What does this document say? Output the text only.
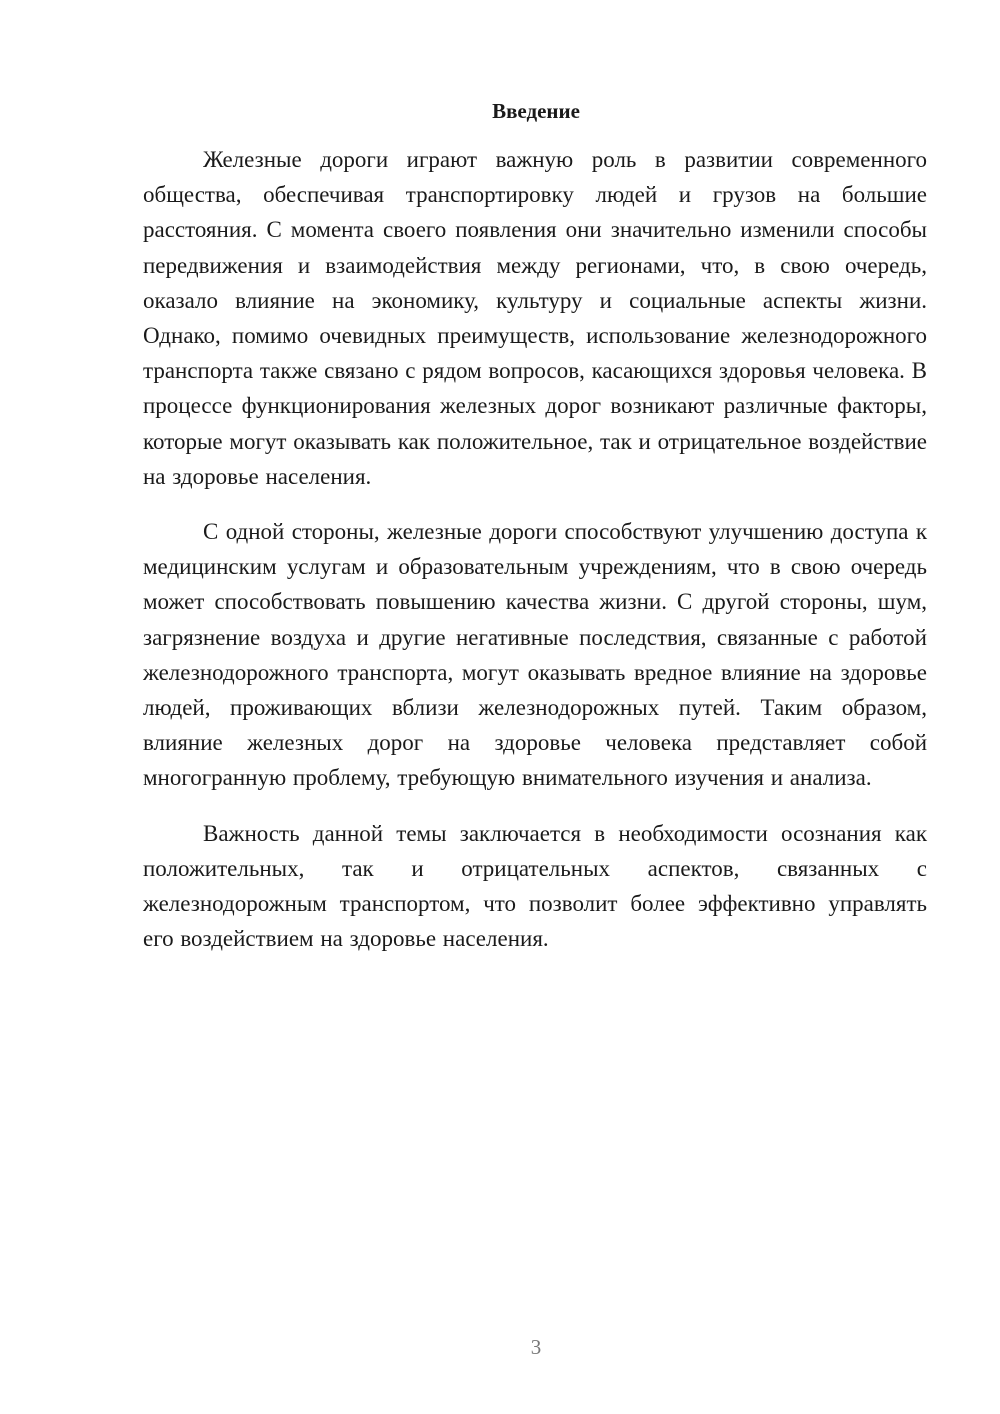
Введение

Железные дороги играют важную роль в развитии современного общества, обеспечивая транспортировку людей и грузов на большие расстояния. С момента своего появления они значительно изменили способы передвижения и взаимодействия между регионами, что, в свою очередь, оказало влияние на экономику, культуру и социальные аспекты жизни. Однако, помимо очевидных преимуществ, использование железнодорожного транспорта также связано с рядом вопросов, касающихся здоровья человека. В процессе функционирования железных дорог возникают различные факторы, которые могут оказывать как положительное, так и отрицательное воздействие на здоровье населения.

С одной стороны, железные дороги способствуют улучшению доступа к медицинским услугам и образовательным учреждениям, что в свою очередь может способствовать повышению качества жизни. С другой стороны, шум, загрязнение воздуха и другие негативные последствия, связанные с работой железнодорожного транспорта, могут оказывать вредное влияние на здоровье людей, проживающих вблизи железнодорожных путей. Таким образом, влияние железных дорог на здоровье человека представляет собой многогранную проблему, требующую внимательного изучения и анализа.

Важность данной темы заключается в необходимости осознания как положительных, так и отрицательных аспектов, связанных с железнодорожным транспортом, что позволит более эффективно управлять его воздействием на здоровье населения.

3
